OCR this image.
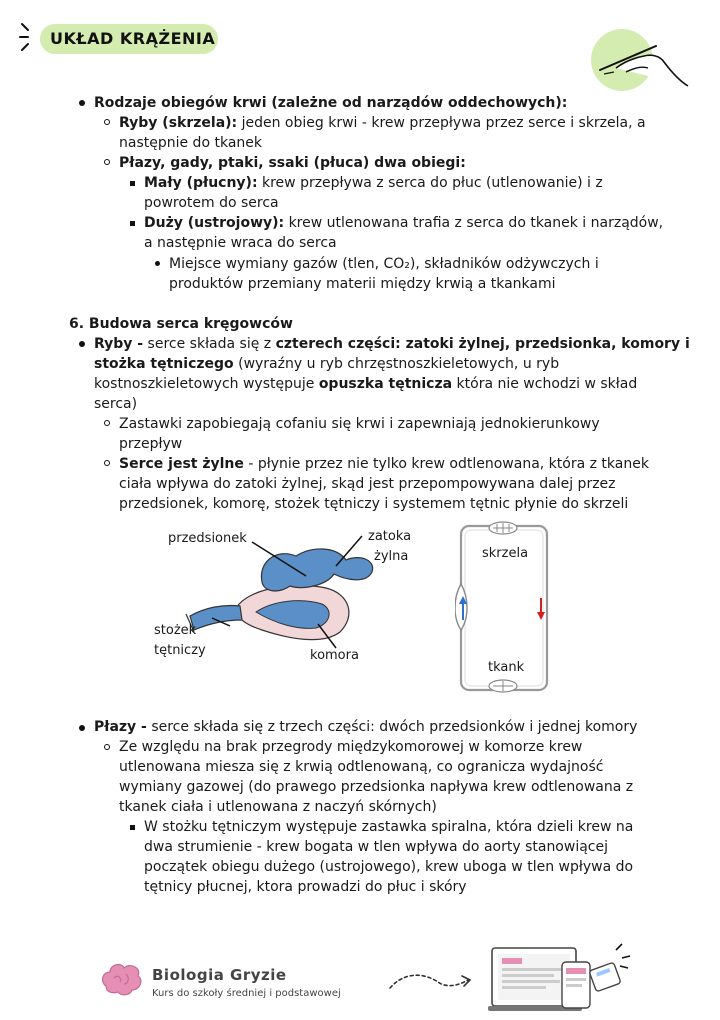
UKŁAD KRĄŻENIA
Rodzaje obiegów krwi (zależne od narządów oddechowych):
Ryby (skrzela): jeden obieg krwi - krew przepływa przez serce i skrzela, a
następnie do tkanek
Płazy, gady, ptaki, ssaki (płuca) dwa obiegi:
Mały (płucny): krew przepływa z serca do płuc (utlenowanie) i z
powrotem do serca
Duży (ustrojowy): krew utlenowana trafia z serca do tkanek i narządów,
a następnie wraca do serca
Miejsce wymiany gazów (tlen, CO₂), składników odżywczych i
produktów przemiany materii między krwią a tkankami
6. Budowa serca kręgowców
Ryby - serce składa się z czterech części: zatoki żylnej, przedsionka, komory i
stożka tętniczego (wyraźny u ryb chrzęstnoszkieletowych, u ryb
kostnoszkieletowych występuje opuszka tętnicza która nie wchodzi w skład
serca)
Zastawki zapobiegają cofaniu się krwi i zapewniają jednokierunkowy
przepływ
Serce jest żylne - płynie przez nie tylko krew odtlenowana, która z tkanek
ciała wpływa do zatoki żylnej, skąd jest przepompowywana dalej przez
przedsionek, komorę, stożek tętniczy i systemem tętnic płynie do skrzeli
przedsionek	zatoka
żylna
stożek
tętniczy	komora
skrzela
tkank
Płazy - serce składa się z trzech części: dwóch przedsionków i jednej komory
Ze względu na brak przegrody międzykomorowej w komorze krew
utlenowana miesza się z krwią odtlenowaną, co ogranicza wydajność
wymiany gazowej (do prawego przedsionka napływa krew odtlenowana z
tkanek ciała i utlenowana z naczyń skórnych)
W stożku tętniczym występuje zastawka spiralna, która dzieli krew na
dwa strumienie - krew bogata w tlen wpływa do aorty stanowiącej
początek obiegu dużego (ustrojowego), krew uboga w tlen wpływa do
tętnicy płucnej, ktora prowadzi do płuc i skóry
Biologia Gryzie
Kurs do szkoły średniej i podstawowej
